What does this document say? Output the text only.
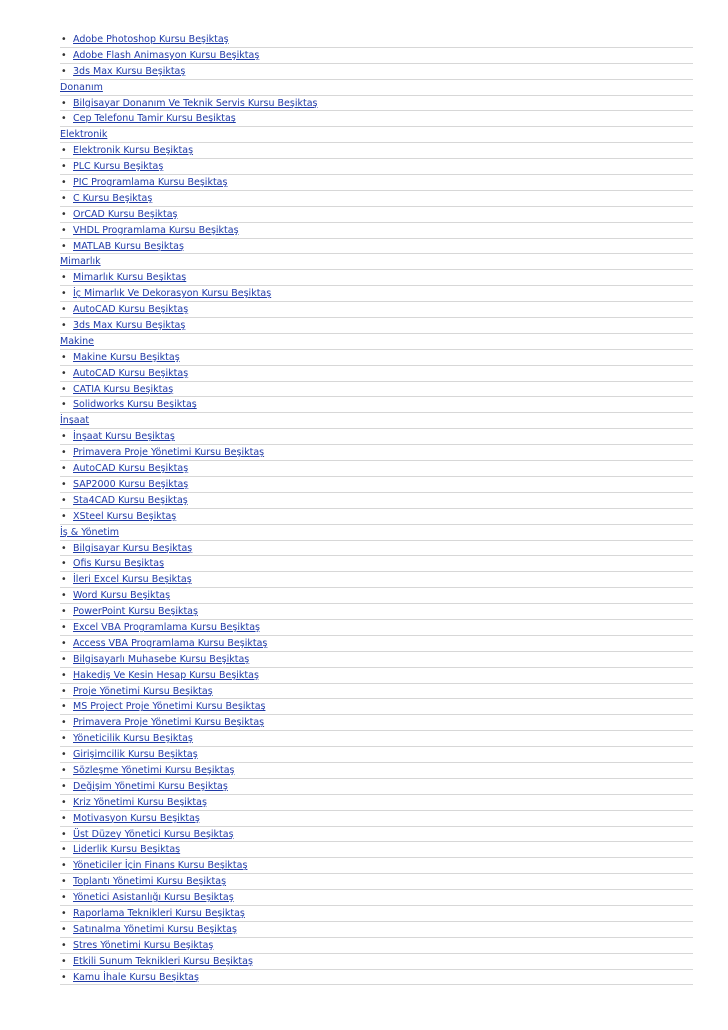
• Adobe Photoshop Kursu Beşiktaş
• Adobe Flash Animasyon Kursu Beşiktaş
• 3ds Max Kursu Beşiktaş
Donanım
• Bilgisayar Donanım Ve Teknik Servis Kursu Beşiktaş
• Cep Telefonu Tamir Kursu Beşiktaş
Elektronik
• Elektronik Kursu Beşiktaş
• PLC Kursu Beşiktaş
• PIC Programlama Kursu Beşiktaş
• C Kursu Beşiktaş
• OrCAD Kursu Beşiktaş
• VHDL Programlama Kursu Beşiktaş
• MATLAB Kursu Beşiktaş
Mimarlık
• Mimarlık Kursu Beşiktaş
• İç Mimarlık Ve Dekorasyon Kursu Beşiktaş
• AutoCAD Kursu Beşiktaş
• 3ds Max Kursu Beşiktaş
Makine
• Makine Kursu Beşiktaş
• AutoCAD Kursu Beşiktaş
• CATIA Kursu Beşiktaş
• Solidworks Kursu Beşiktaş
İnşaat
• İnşaat Kursu Beşiktaş
• Primavera Proje Yönetimi Kursu Beşiktaş
• AutoCAD Kursu Beşiktaş
• SAP2000 Kursu Beşiktaş
• Sta4CAD Kursu Beşiktaş
• XSteel Kursu Beşiktaş
İş & Yönetim
• Bilgisayar Kursu Beşiktaş
• Ofis Kursu Beşiktaş
• İleri Excel Kursu Beşiktaş
• Word Kursu Beşiktaş
• PowerPoint Kursu Beşiktaş
• Excel VBA Programlama Kursu Beşiktaş
• Access VBA Programlama Kursu Beşiktaş
• Bilgisayarlı Muhasebe Kursu Beşiktaş
• Hakediş Ve Kesin Hesap Kursu Beşiktaş
• Proje Yönetimi Kursu Beşiktaş
• MS Project Proje Yönetimi Kursu Beşiktaş
• Primavera Proje Yönetimi Kursu Beşiktaş
• Yöneticilik Kursu Beşiktaş
• Girişimcilik Kursu Beşiktaş
• Sözleşme Yönetimi Kursu Beşiktaş
• Değişim Yönetimi Kursu Beşiktaş
• Kriz Yönetimi Kursu Beşiktaş
• Motivasyon Kursu Beşiktaş
• Üst Düzey Yönetici Kursu Beşiktaş
• Liderlik Kursu Beşiktaş
• Yöneticiler İçin Finans Kursu Beşiktaş
• Toplantı Yönetimi Kursu Beşiktaş
• Yönetici Asistanlığı Kursu Beşiktaş
• Raporlama Teknikleri Kursu Beşiktaş
• Satınalma Yönetimi Kursu Beşiktaş
• Stres Yönetimi Kursu Beşiktaş
• Etkili Sunum Teknikleri Kursu Beşiktaş
• Kamu İhale Kursu Beşiktaş
